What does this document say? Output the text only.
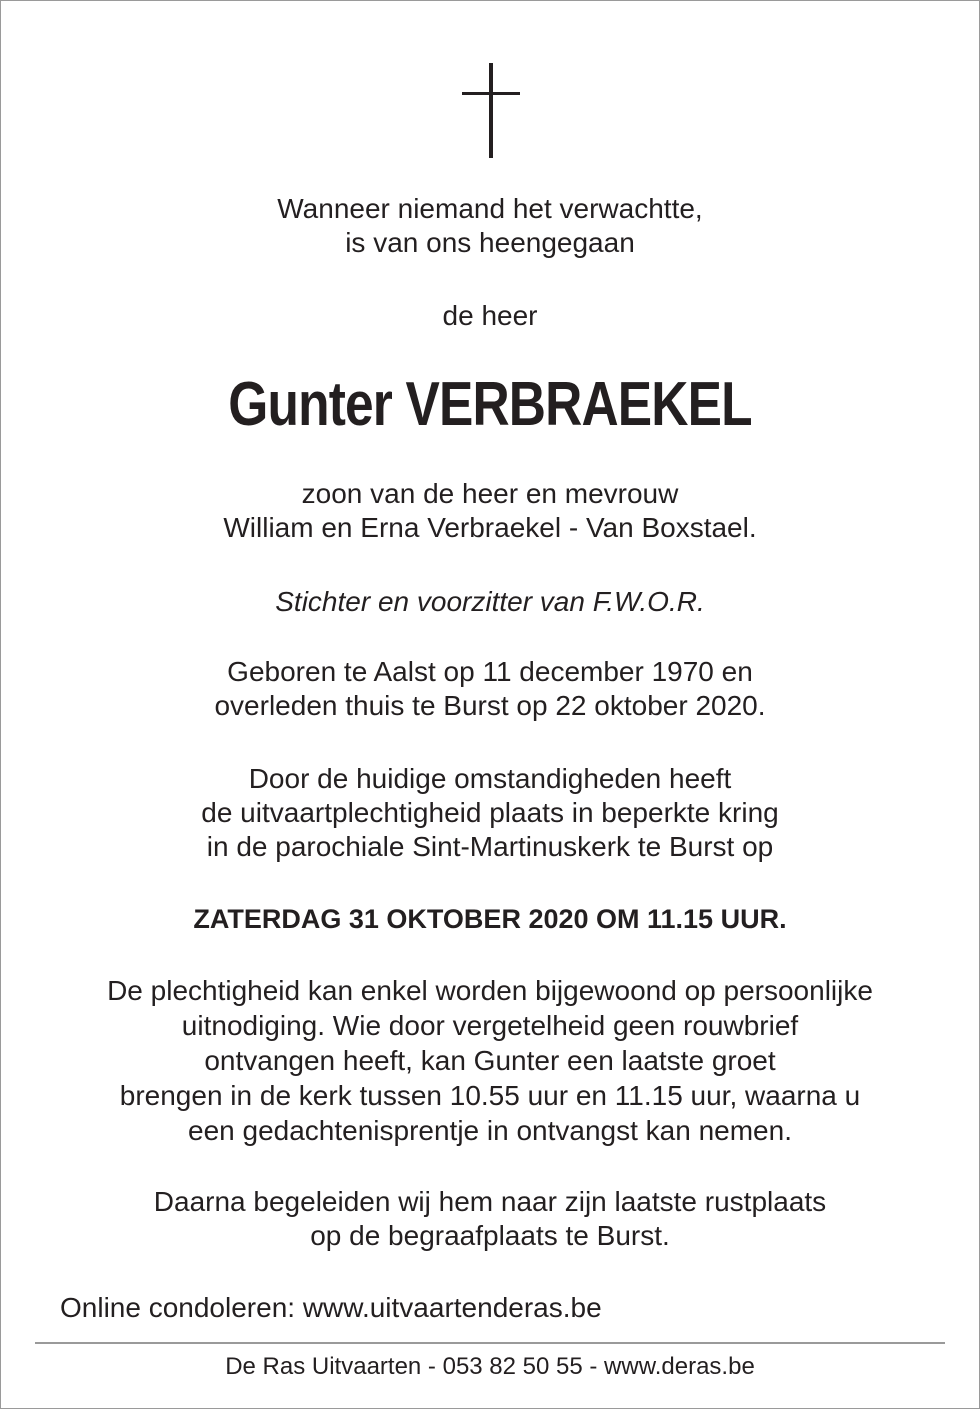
Wanneer niemand het verwachtte,
is van ons heengegaan
de heer
Gunter VERBRAEKEL
zoon van de heer en mevrouw
William en Erna Verbraekel - Van Boxstael.
Stichter en voorzitter van F.W.O.R.
Geboren te Aalst op 11 december 1970 en
overleden thuis te Burst op 22 oktober 2020.
Door de huidige omstandigheden heeft
de uitvaartplechtigheid plaats in beperkte kring
in de parochiale Sint-Martinuskerk te Burst op
ZATERDAG 31 OKTOBER 2020 OM 11.15 UUR.
De plechtigheid kan enkel worden bijgewoond op persoonlijke
uitnodiging. Wie door vergetelheid geen rouwbrief
ontvangen heeft, kan Gunter een laatste groet
brengen in de kerk tussen 10.55 uur en 11.15 uur, waarna u
een gedachtenisprentje in ontvangst kan nemen.
Daarna begeleiden wij hem naar zijn laatste rustplaats
op de begraafplaats te Burst.
Online condoleren: www.uitvaartenderas.be
De Ras Uitvaarten - 053 82 50 55 - www.deras.be
